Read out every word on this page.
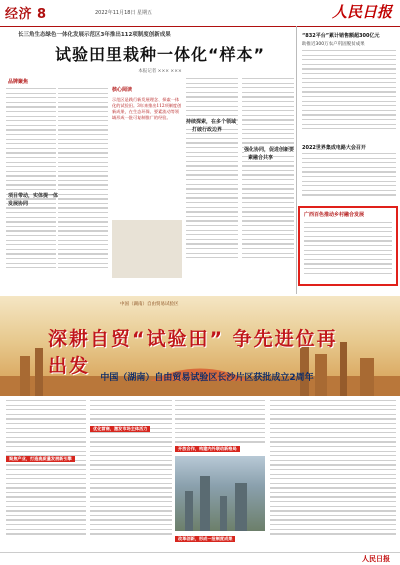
经济 8	2022年11月18日 星期五	人民日报
长三角生态绿色一体化发展示范区3年推出112项制度创新成果
试验田里栽种一体化“样本”
本报记者 ××× ×××
品牌聚焦
项目带动，实体提一体
发展协同
核心阅读
示范区是践行新发展理念、探索一体化的试验田。3年来推出112项制度创新成果，在生态环保、要素流动等领域形成一批可复制推广的经验。
持续探索，在多个领域
打破行政边界
强化协同，促进创新要
素融合共享
“832平台”累计销售额超300亿元
助推近300万农户巩固脱贫成果
2022世界集成电路大会召开
广西百色推动乡村融合发展
中国（湖南）自由贸易试验区
深耕自贸“试验田” 争先进位再出发
中国（湖南）自由贸易试验区长沙片区获批成立2周年
聚焦产业，打造高质量发展新引擎
优化营商，激发市场主体活力
开放合作，构建内外联动新格局
改革创新，形成一批制度成果
人民日报
